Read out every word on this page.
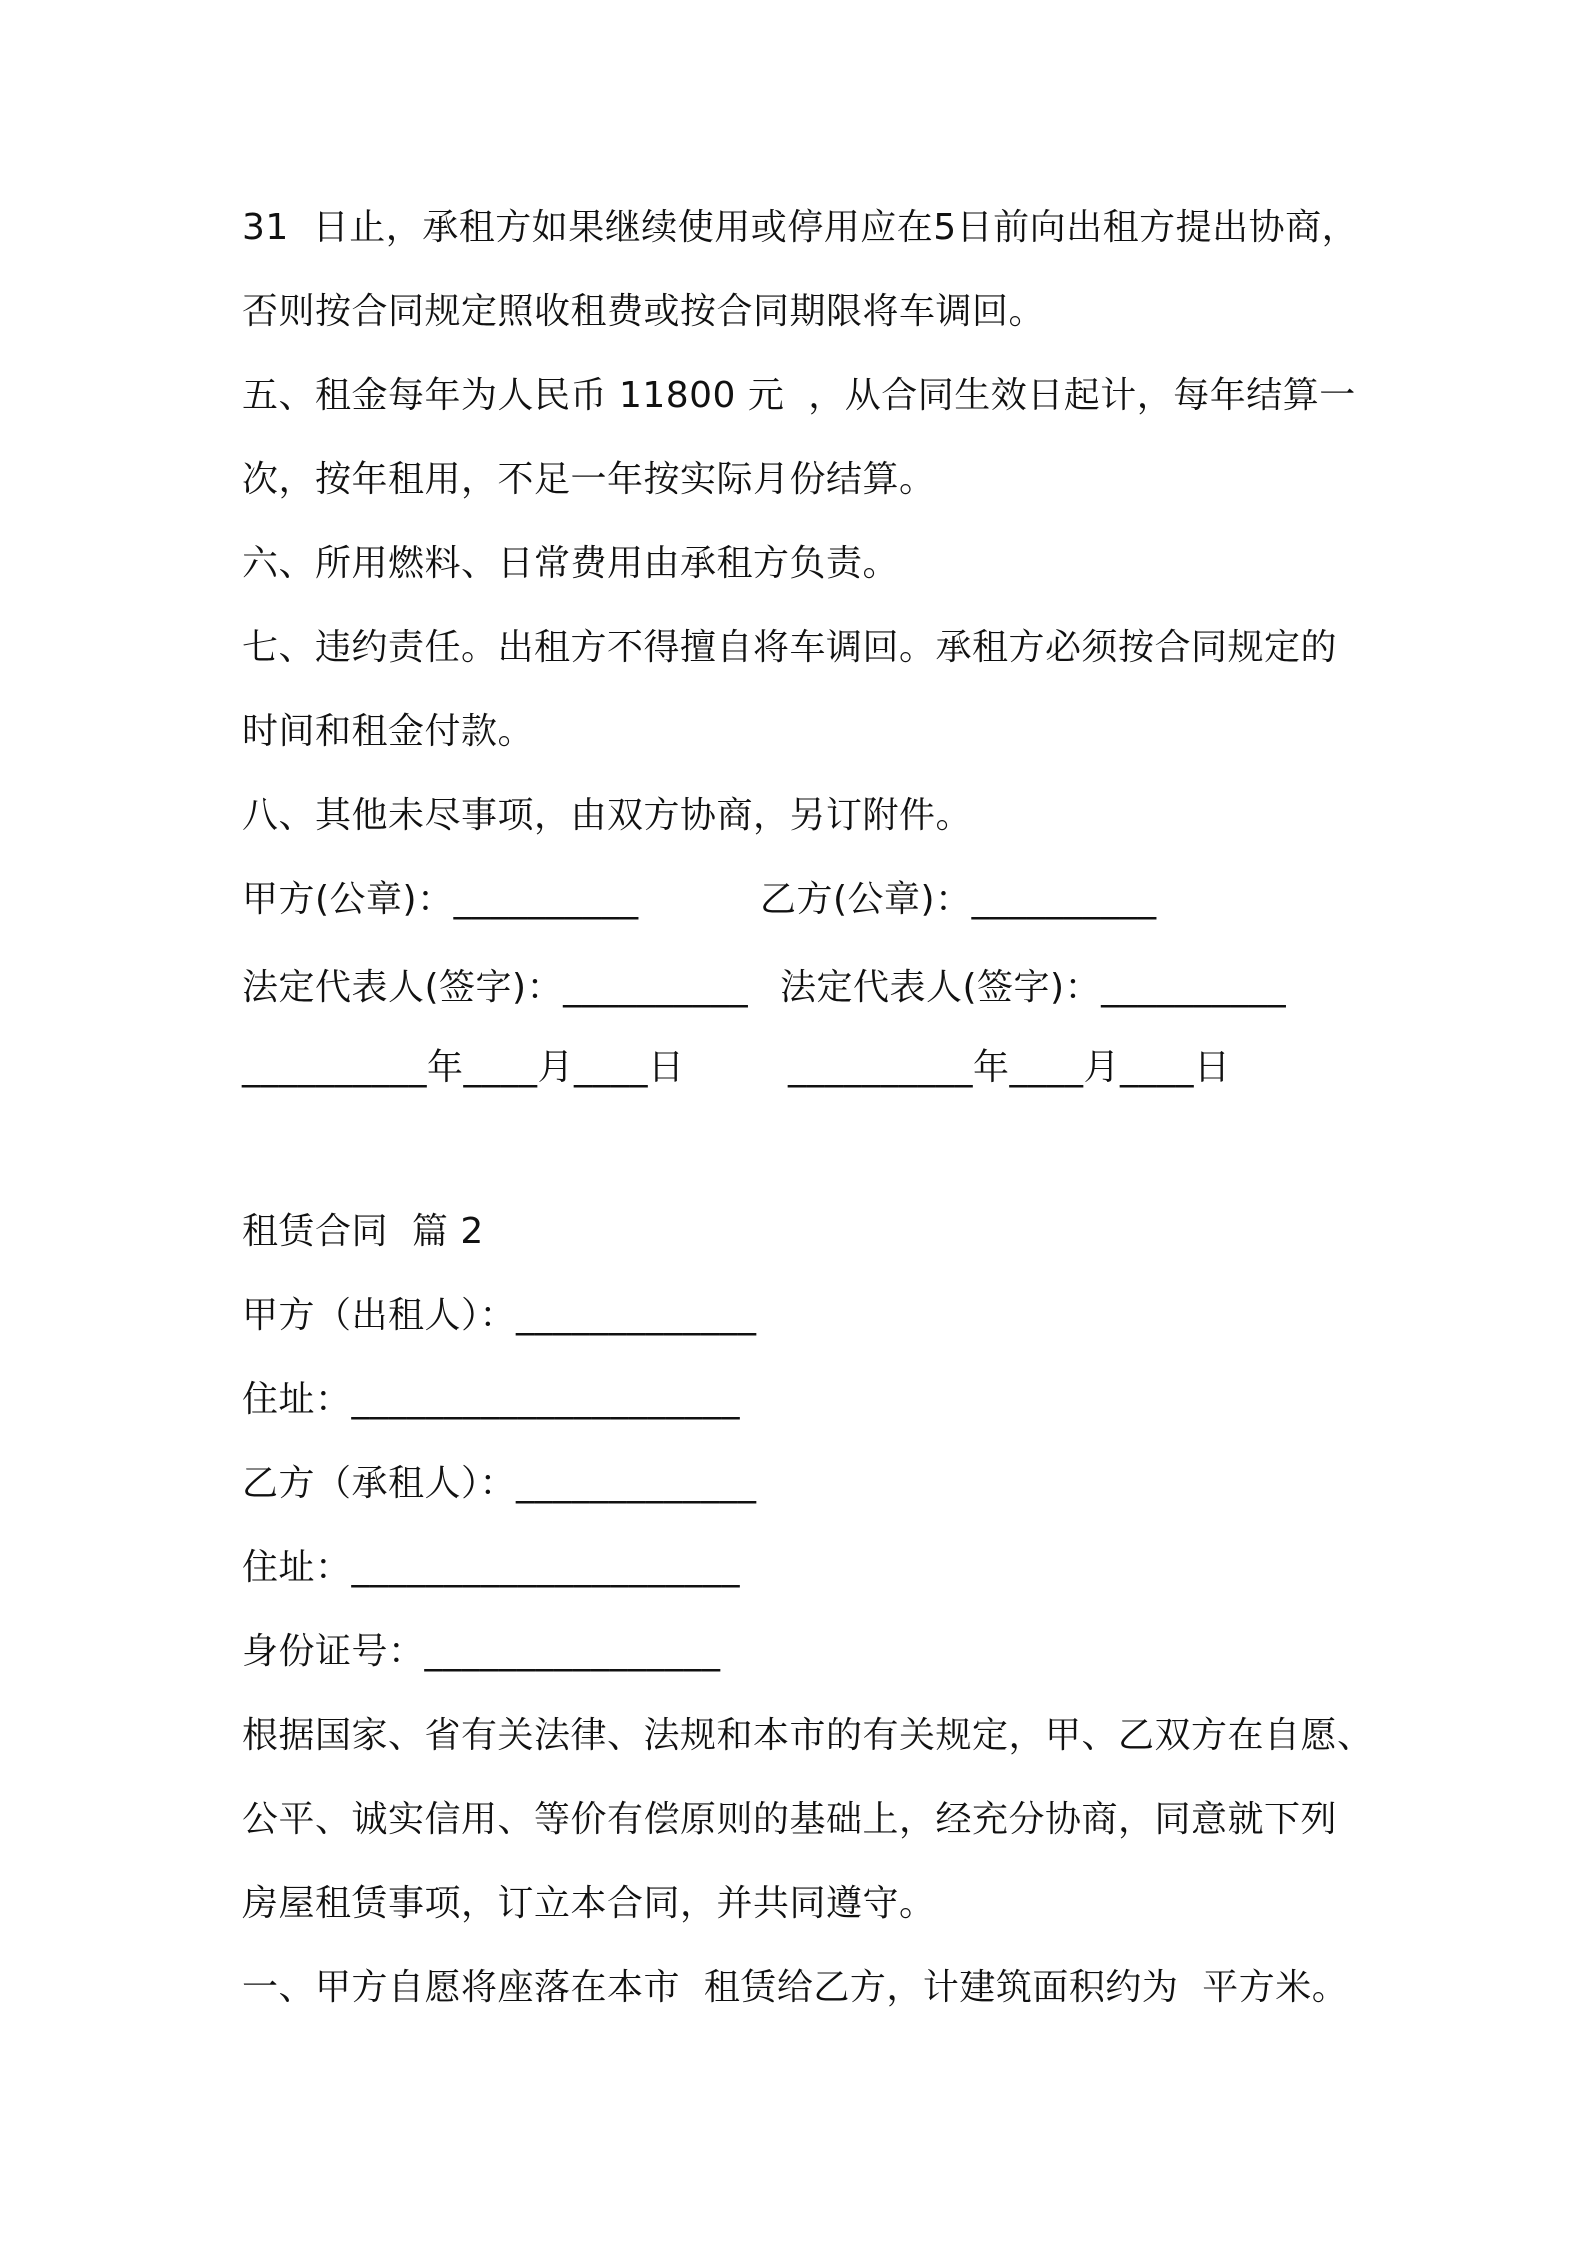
31  日止，承租方如果继续使用或停用应在5日前向出租方提出协商，
否则按合同规定照收租费或按合同期限将车调回。
五、租金每年为人民币 11800 元  ，从合同生效日起计，每年结算一
次，按年租用，不足一年按实际月份结算。
六、所用燃料、日常费用由承租方负责。
七、违约责任。出租方不得擅自将车调回。承租方必须按合同规定的
时间和租金付款。
八、其他未尽事项，由双方协商，另订附件。
甲方(公章)：__________	乙方(公章)：__________
法定代表人(签字)：__________ 法定代表人(签字)：__________
__________年____月____日	__________年____月____日
租赁合同  篇 2
甲方（出租人）：_____________
住址：_____________________
乙方（承租人）：_____________
住址：_____________________
身份证号：________________
根据国家、省有关法律、法规和本市的有关规定，甲、乙双方在自愿、
公平、诚实信用、等价有偿原则的基础上，经充分协商，同意就下列
房屋租赁事项，订立本合同，并共同遵守。
一、甲方自愿将座落在本市  租赁给乙方，计建筑面积约为  平方米。
